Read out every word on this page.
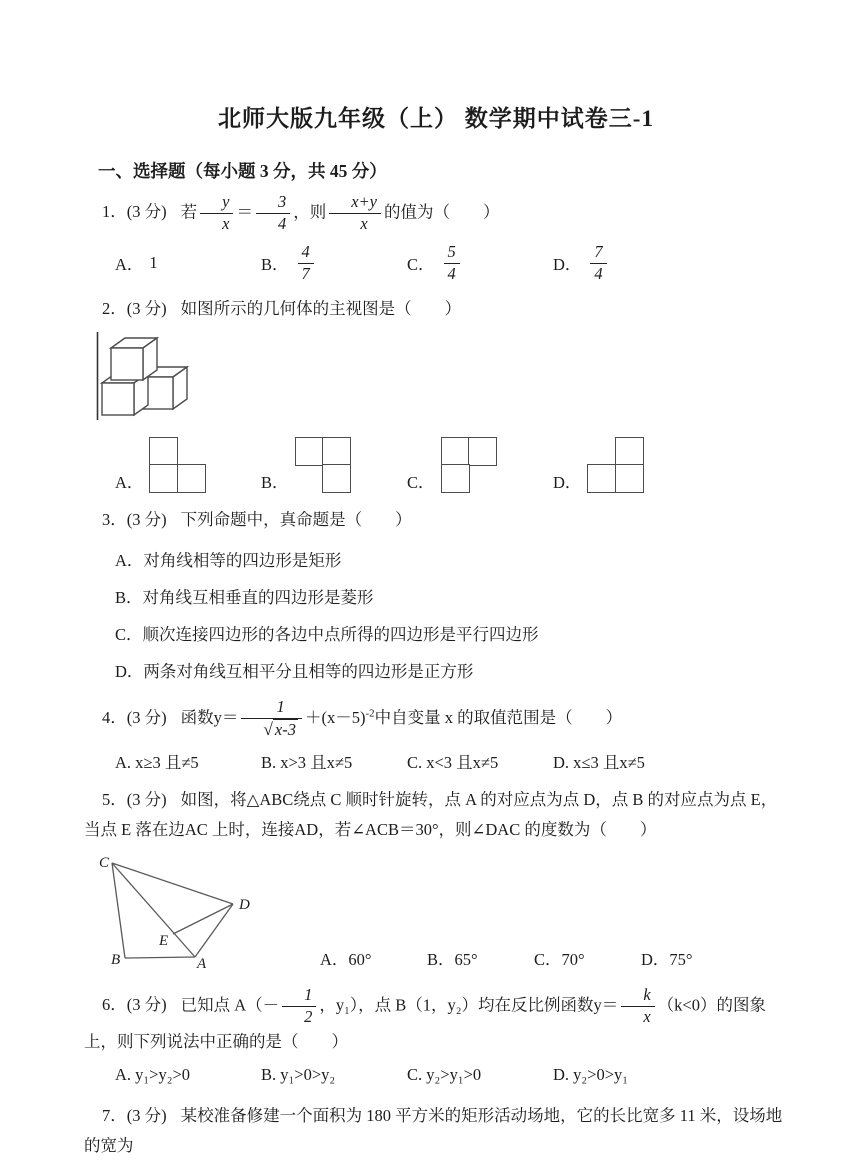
北师大版九年级（上） 数学期中试卷三-1
一、选择题（每小题 3 分，共 45 分）

1．(3 分) 若 $\frac{y}{x} = \frac{3}{4}$ ，则 $\frac{x+y}{x}$ 的值为（　　）

A． 1	B． $\frac{4}{7}$	C． $\frac{5}{4}$	D． $\frac{7}{4}$

2．(3 分) 如图所示的几何体的主视图是（　　）

A．	B．	C．	D．

3．(3 分) 下列命题中，真命题是（　　）

A．对角线相等的四边形是矩形
B．对角线互相垂直的四边形是菱形
C．顺次连接四边形的各边中点所得的四边形是平行四边形
D．两条对角线互相平分且相等的四边形是正方形

4．(3 分) 函数$y= \frac{1}{√ x-3} +(x-5)^{-2}$中自变量 x 的取值范围是（　　）

A. x≥3 且≠5	B. x>3 且x≠5	C. x<3 且x≠5	D. x≤3 且x≠5

5．(3 分) 如图，将△ABC绕点 C 顺时针旋转，点 A 的对应点为点 D，点 B 的对应点为点 E，当点 E 落在边AC 上时，连接AD，若∠ACB＝30°，则∠DAC 的度数为（　　）

C
B	A
D
E
A．60°	B．65°	C．70°	D．75°

6．(3 分) 已知点 $A(- \frac{1}{2}$ ，y₁），点 B（1，y₂）均在反比例函数$y= \frac{k}{x} (k<0)$的图象上，则下列说法中正确的是（　　）

A. y₁>y₂>0	B. y₁>0>y₂	C. y₂>y₁>0	D. y₂>0>y₁

7．(3 分) 某校准备修建一个面积为 180 平方米的矩形活动场地，它的长比宽多 11 米，设场地的宽为
